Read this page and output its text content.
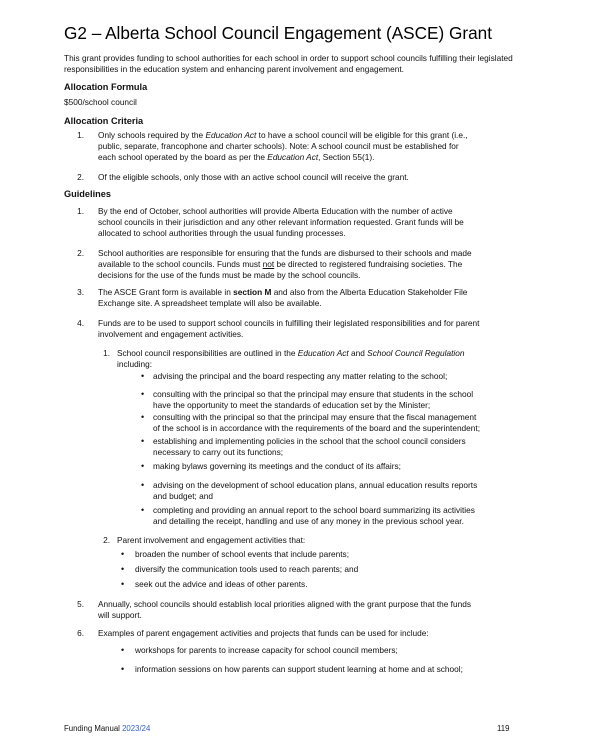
G2 – Alberta School Council Engagement (ASCE) Grant
This grant provides funding to school authorities for each school in order to support school councils fulfilling their legislated responsibilities in the education system and enhancing parent involvement and engagement.
Allocation Formula
$500/school council
Allocation Criteria
1. Only schools required by the Education Act to have a school council will be eligible for this grant (i.e.,
public, separate, francophone and charter schools). Note: A school council must be established for
each school operated by the board as per the Education Act, Section 55(1).
2. Of the eligible schools, only those with an active school council will receive the grant.
Guidelines
1. By the end of October, school authorities will provide Alberta Education with the number of active
school councils in their jurisdiction and any other relevant information requested. Grant funds will be
allocated to school authorities through the usual funding processes.
2. School authorities are responsible for ensuring that the funds are disbursed to their schools and made
available to the school councils. Funds must not be directed to registered fundraising societies. The
decisions for the use of the funds must be made by the school councils.
3. The ASCE Grant form is available in section M and also from the Alberta Education Stakeholder File
Exchange site. A spreadsheet template will also be available.
4. Funds are to be used to support school councils in fulfilling their legislated responsibilities and for parent
involvement and engagement activities.
1. School council responsibilities are outlined in the Education Act and School Council Regulation
including:
• advising the principal and the board respecting any matter relating to the school;
• consulting with the principal so that the principal may ensure that students in the school
have the opportunity to meet the standards of education set by the Minister;
• consulting with the principal so that the principal may ensure that the fiscal management
of the school is in accordance with the requirements of the board and the superintendent;
• establishing and implementing policies in the school that the school council considers
necessary to carry out its functions;
• making bylaws governing its meetings and the conduct of its affairs;
• advising on the development of school education plans, annual education results reports
and budget; and
• completing and providing an annual report to the school board summarizing its activities
and detailing the receipt, handling and use of any money in the previous school year.
2. Parent involvement and engagement activities that:
• broaden the number of school events that include parents;
• diversify the communication tools used to reach parents; and
• seek out the advice and ideas of other parents.
5. Annually, school councils should establish local priorities aligned with the grant purpose that the funds
will support.
6. Examples of parent engagement activities and projects that funds can be used for include:
• workshops for parents to increase capacity for school council members;
• information sessions on how parents can support student learning at home and at school;
Funding Manual 2023/24	119
